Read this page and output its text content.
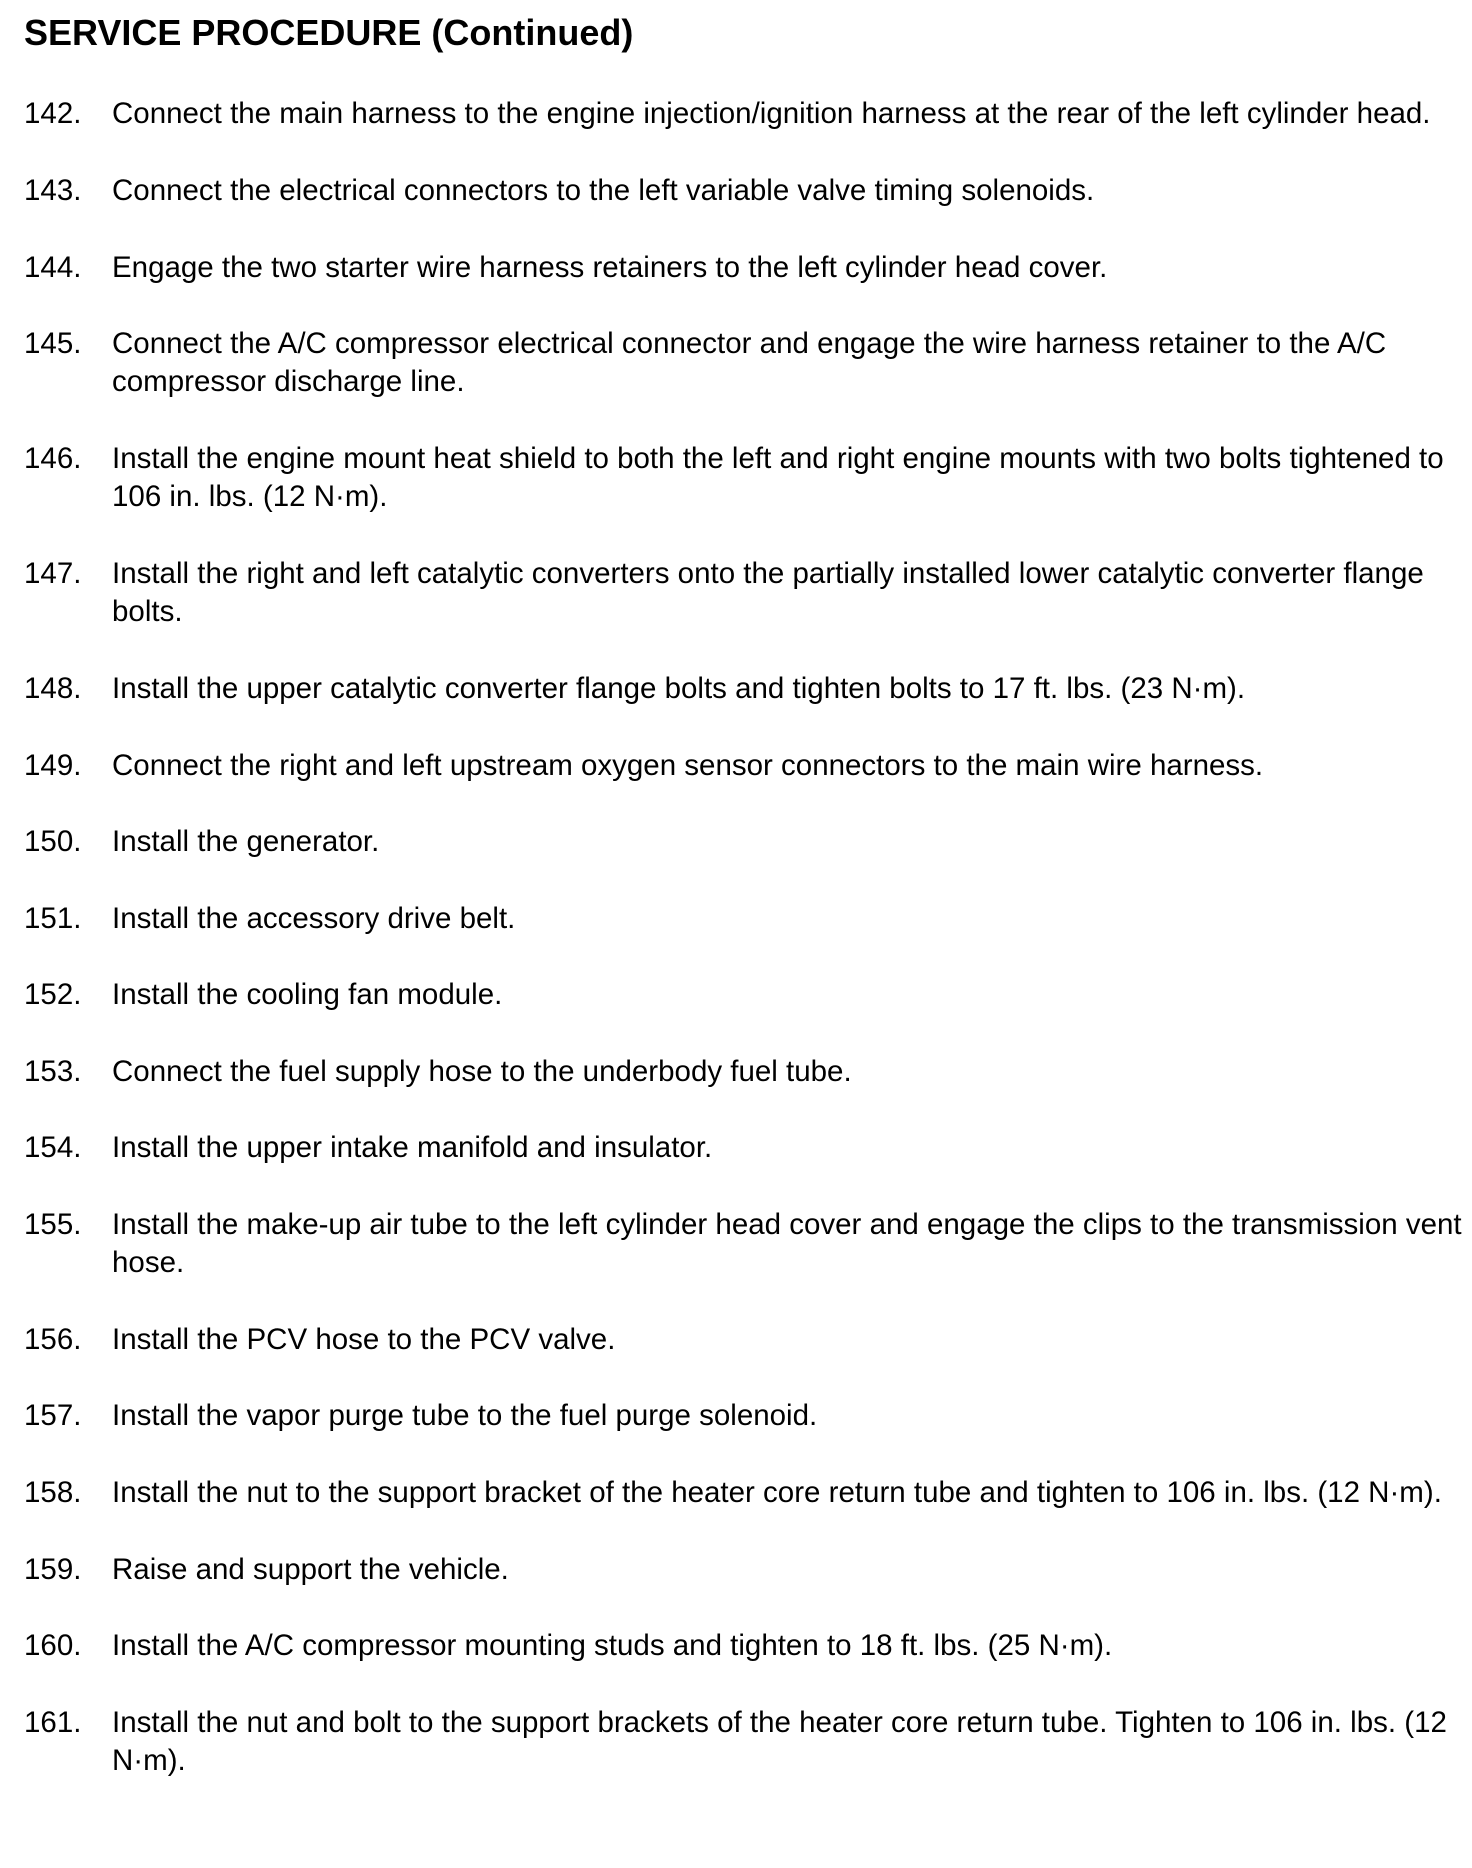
SERVICE PROCEDURE (Continued)
142.	Connect the main harness to the engine injection/ignition harness at the rear of the left cylinder head.
143.	Connect the electrical connectors to the left variable valve timing solenoids.
144.	Engage the two starter wire harness retainers to the left cylinder head cover.
145.	Connect the A/C compressor electrical connector and engage the wire harness retainer to the A/C compressor discharge line.
146.	Install the engine mount heat shield to both the left and right engine mounts with two bolts tightened to 106 in. lbs. (12 N·m).
147.	Install the right and left catalytic converters onto the partially installed lower catalytic converter flange bolts.
148.	Install the upper catalytic converter flange bolts and tighten bolts to 17 ft. lbs. (23 N·m).
149.	Connect the right and left upstream oxygen sensor connectors to the main wire harness.
150.	Install the generator.
151.	Install the accessory drive belt.
152.	Install the cooling fan module.
153.	Connect the fuel supply hose to the underbody fuel tube.
154.	Install the upper intake manifold and insulator.
155.	Install the make-up air tube to the left cylinder head cover and engage the clips to the transmission vent hose.
156.	Install the PCV hose to the PCV valve.
157.	Install the vapor purge tube to the fuel purge solenoid.
158.	Install the nut to the support bracket of the heater core return tube and tighten to 106 in. lbs. (12 N·m).
159.	Raise and support the vehicle.
160.	Install the A/C compressor mounting studs and tighten to 18 ft. lbs. (25 N·m).
161.	Install the nut and bolt to the support brackets of the heater core return tube. Tighten to 106 in. lbs. (12 N·m).
